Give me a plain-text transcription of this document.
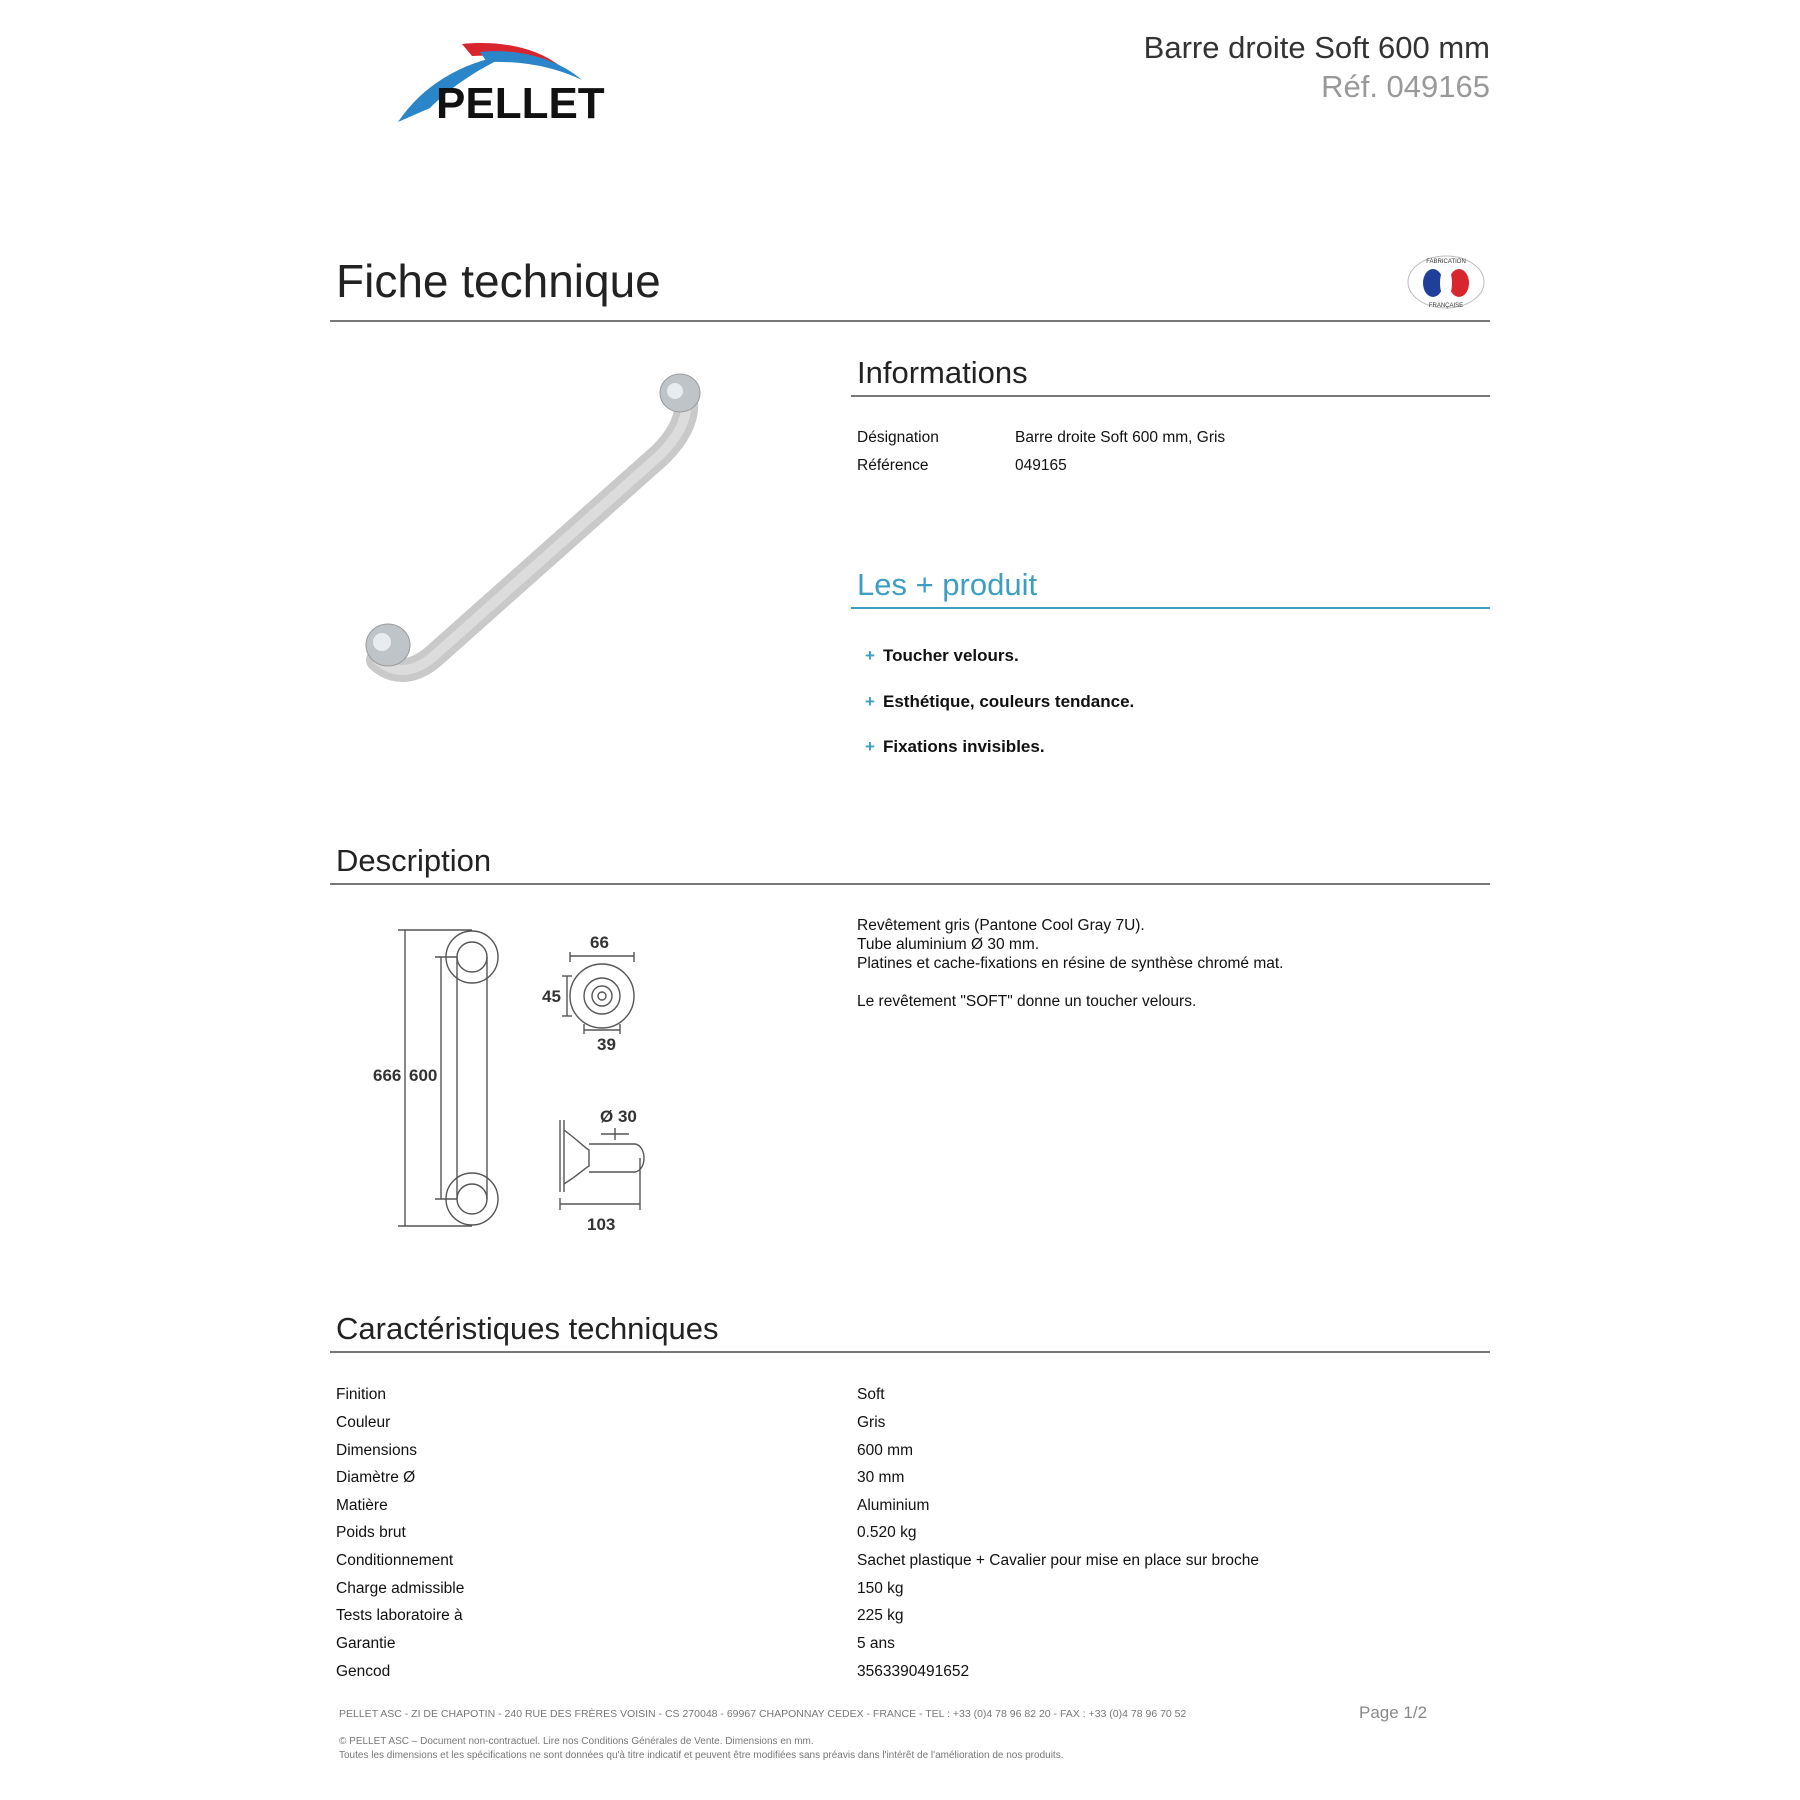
PELLET
Barre droite Soft 600 mm
Réf. 049165
Fiche technique	FABRICATION
FRANÇAISE
Informations
Désignation	Barre droite Soft 600 mm, Gris
Référence	049165
Les + produit
+ Toucher velours.
+ Esthétique, couleurs tendance.
+ Fixations invisibles.
Description
666 600
66
45
39
Ø 30
103
Revêtement gris (Pantone Cool Gray 7U).
Tube aluminium Ø 30 mm.
Platines et cache-fixations en résine de synthèse chromé mat.
Le revêtement "SOFT" donne un toucher velours.
Caractéristiques techniques
Finition	Soft
Couleur	Gris
Dimensions	600 mm
Diamètre Ø	30 mm
Matière	Aluminium
Poids brut	0.520 kg
Conditionnement	Sachet plastique + Cavalier pour mise en place sur broche
Charge admissible	150 kg
Tests laboratoire à	225 kg
Garantie	5 ans
Gencod	3563390491652
PELLET ASC - ZI DE CHAPOTIN - 240 RUE DES FRÈRES VOISIN - CS 270048 - 69967 CHAPONNAY CEDEX - FRANCE - TEL : +33 (0)4 78 96 82 20 - FAX : +33 (0)4 78 96 70 52	Page 1/2
© PELLET ASC – Document non-contractuel. Lire nos Conditions Générales de Vente. Dimensions en mm.
Toutes les dimensions et les spécifications ne sont données qu'à titre indicatif et peuvent être modifiées sans préavis dans l'intérêt de l'amélioration de nos produits.
